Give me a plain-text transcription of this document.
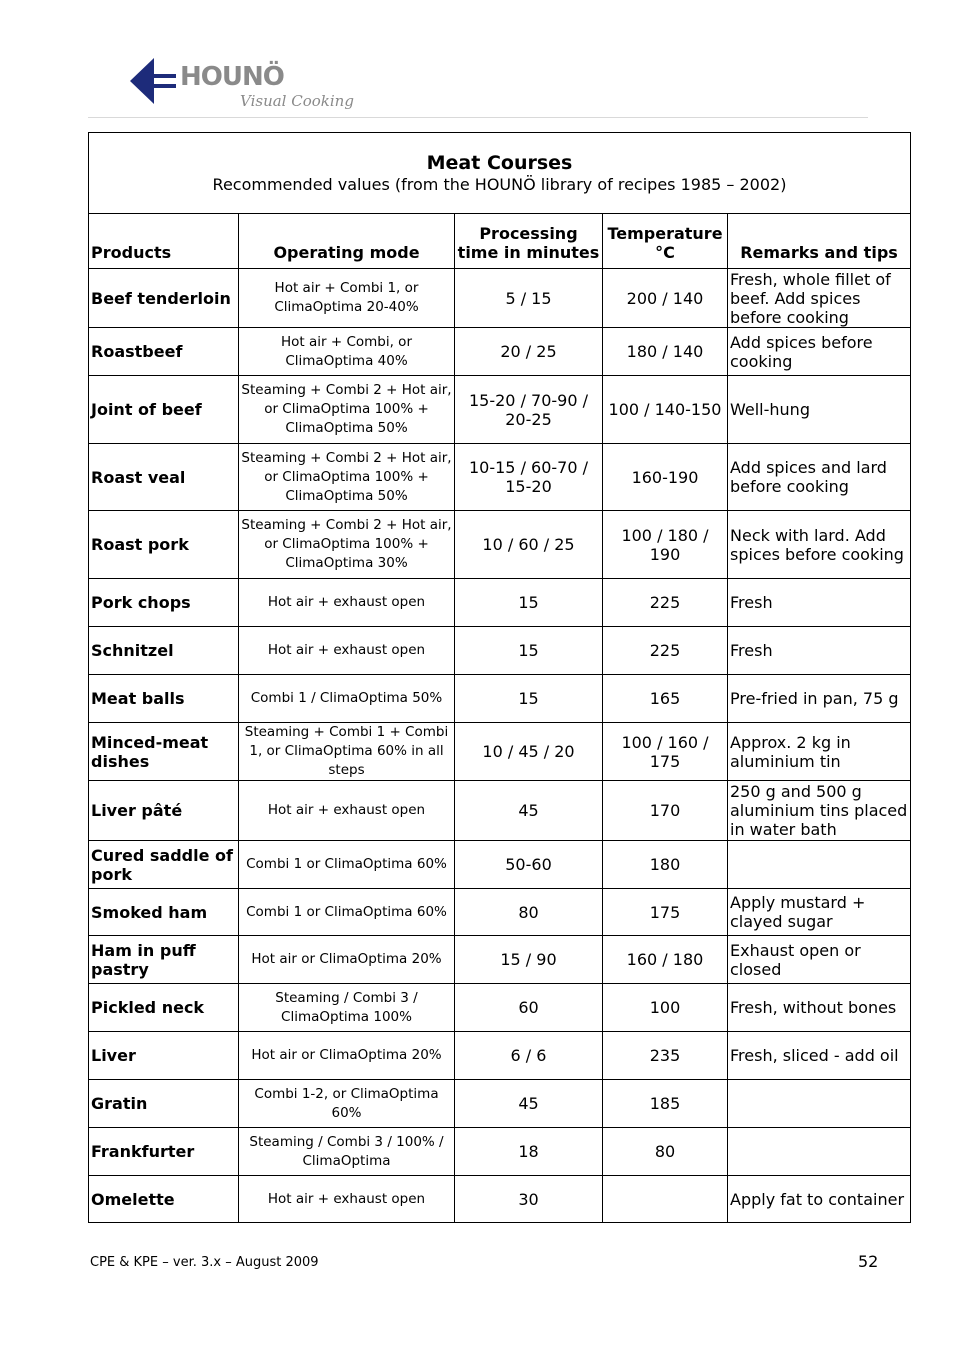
HOUNÖ
Visual Cooking
Meat Courses
Recommended values (from the HOUNÖ library of recipes 1985 – 2002)				

Products	Operating mode	Processing time in minutes	Temperature °C	Remarks and tips
Beef tenderloin	Hot air + Combi 1, or ClimaOptima 20-40%	5 / 15	200 / 140	Fresh, whole fillet of beef. Add spices before cooking
Roastbeef	Hot air + Combi, or ClimaOptima 40%	20 / 25	180 / 140	Add spices before cooking
Joint of beef	Steaming + Combi 2 + Hot air, or ClimaOptima 100% + ClimaOptima 50%	15-20 / 70-90 / 20-25	100 / 140-150	Well-hung
Roast veal	Steaming + Combi 2 + Hot air, or ClimaOptima 100% + ClimaOptima 50%	10-15 / 60-70 / 15-20	160-190	Add spices and lard before cooking
Roast pork	Steaming + Combi 2 + Hot air, or ClimaOptima 100% + ClimaOptima 30%	10 / 60 / 25	100 / 180 / 190	Neck with lard. Add spices before cooking
Pork chops	Hot air + exhaust open	15	225	Fresh
Schnitzel	Hot air + exhaust open	15	225	Fresh
Meat balls	Combi 1 / ClimaOptima 50%	15	165	Pre-fried in pan, 75 g
Minced-meat dishes	Steaming + Combi 1 + Combi 1, or ClimaOptima 60% in all steps	10 / 45 / 20	100 / 160 / 175	Approx. 2 kg in aluminium tin
Liver pâté	Hot air + exhaust open	45	170	250 g and 500 g aluminium tins placed in water bath
Cured saddle of pork	Combi 1 or ClimaOptima 60%	50-60	180	
Smoked ham	Combi 1 or ClimaOptima 60%	80	175	Apply mustard + clayed sugar
Ham in puff pastry	Hot air or ClimaOptima 20%	15 / 90	160 / 180	Exhaust open or closed
Pickled neck	Steaming / Combi 3 / ClimaOptima 100%	60	100	Fresh, without bones
Liver	Hot air or ClimaOptima 20%	6 / 6	235	Fresh, sliced - add oil
Gratin	Combi 1-2, or ClimaOptima 60%	45	185	
Frankfurter	Steaming / Combi 3 / 100% / ClimaOptima	18	80	
Omelette	Hot air + exhaust open	30		Apply fat to container
CPE & KPE – ver. 3.x – August 2009	52
